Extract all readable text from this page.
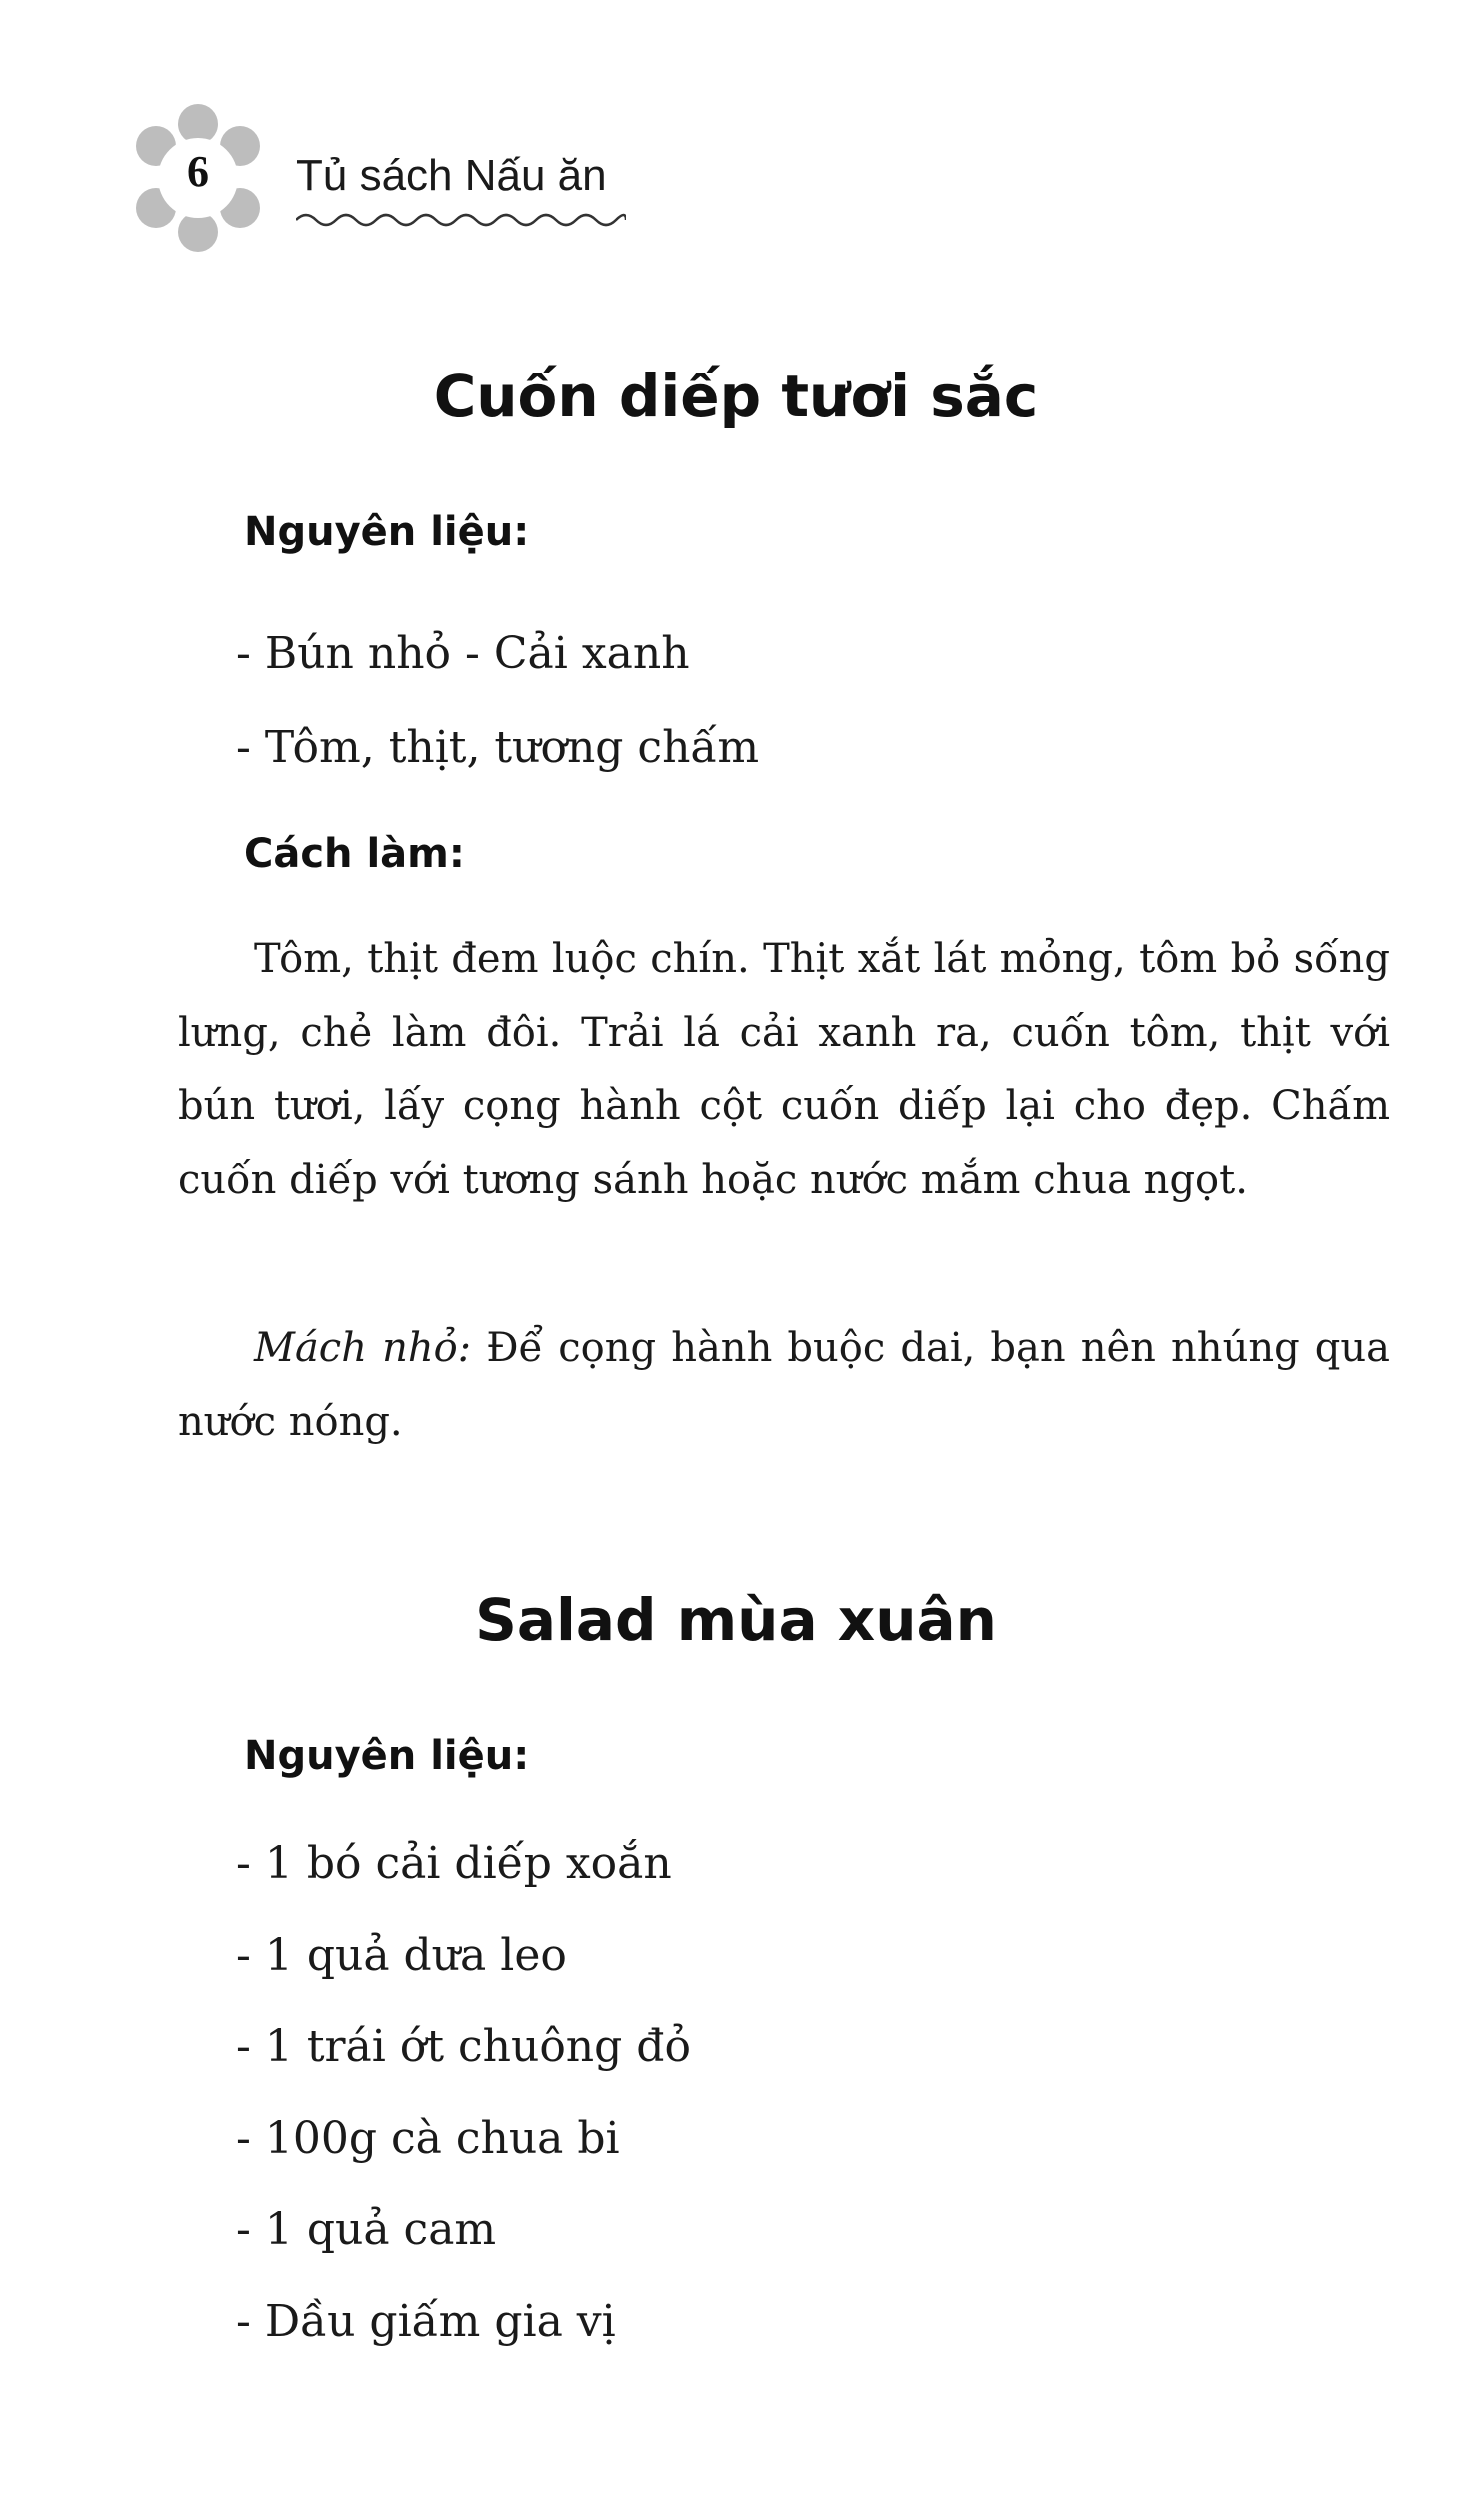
6	Tủ sách Nấu ăn
Cuốn diếp tươi sắc
Nguyên liệu:
- Bún nhỏ - Cải xanh
- Tôm, thịt, tương chấm
Cách làm:

Tôm, thịt đem luộc chín. Thịt xắt lát mỏng, tôm bỏ sống lưng, chẻ làm đôi. Trải lá cải xanh ra, cuốn tôm, thịt với bún tươi, lấy cọng hành cột cuốn diếp lại cho đẹp. Chấm cuốn diếp với tương sánh hoặc nước mắm chua ngọt.

Mách nhỏ: Để cọng hành buộc dai, bạn nên nhúng qua nước nóng.

Salad mùa xuân
Nguyên liệu:
- 1 bó cải diếp xoắn
- 1 quả dưa leo
- 1 trái ớt chuông đỏ
- 100g cà chua bi
- 1 quả cam
- Dầu giấm gia vị
